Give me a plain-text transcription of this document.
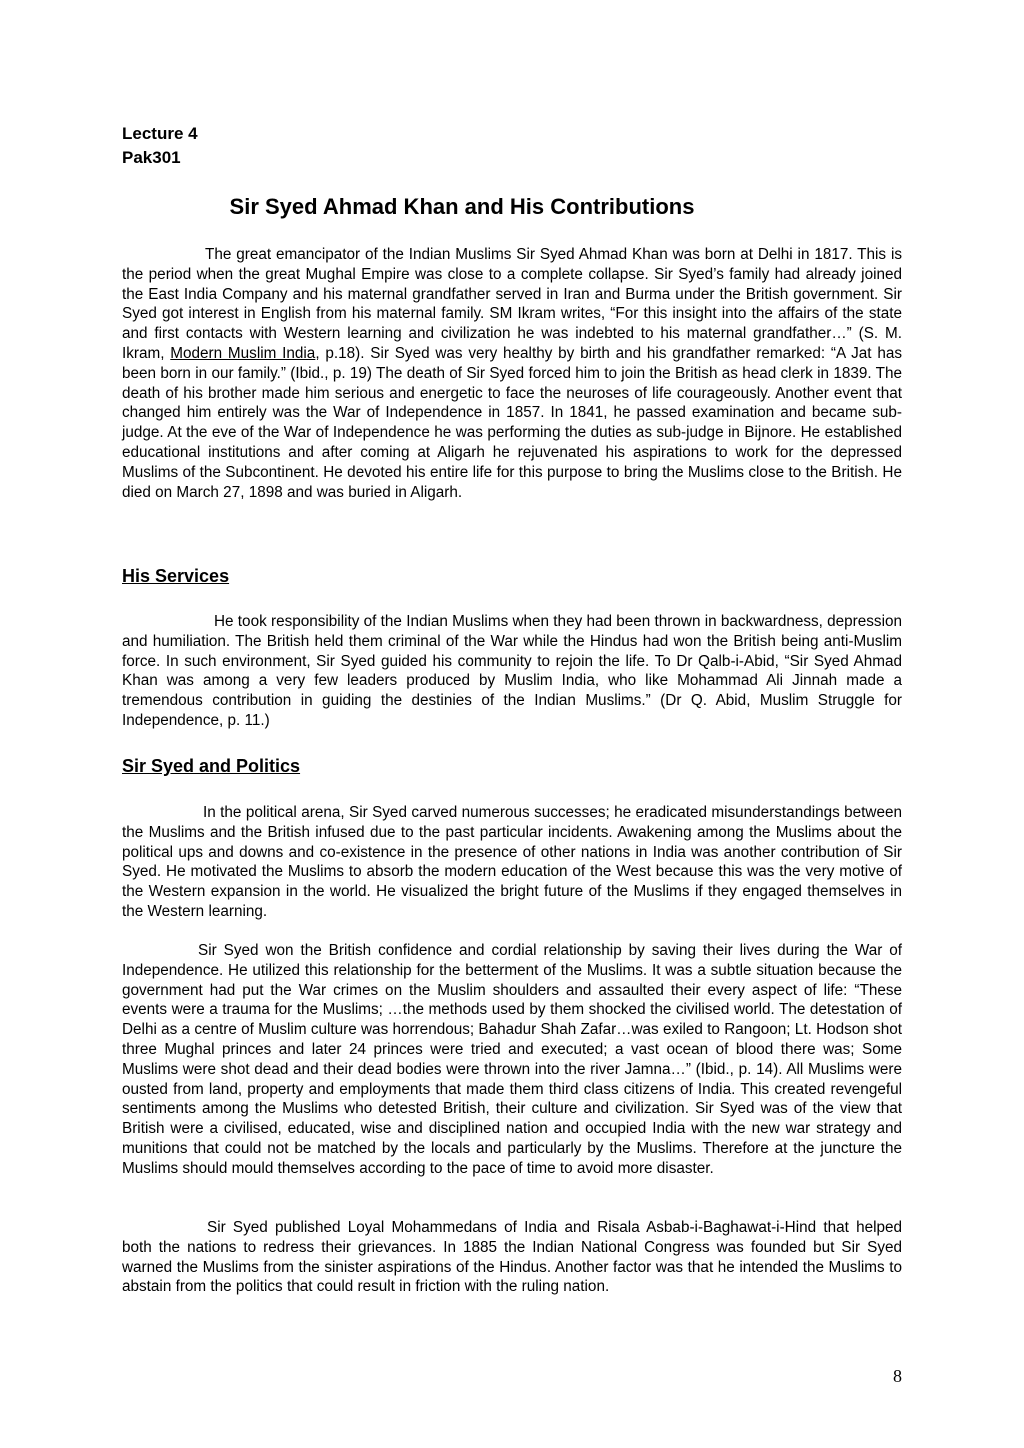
Lecture 4
Pak301
Sir Syed Ahmad Khan and His Contributions

The great emancipator of the Indian Muslims Sir Syed Ahmad Khan was born at Delhi in 1817. This is the period when the great Mughal Empire was close to a complete collapse. Sir Syed’s family had already joined the East India Company and his maternal grandfather served in Iran and Burma under the British government. Sir Syed got interest in English from his maternal family. SM Ikram writes, “For this insight into the affairs of the state and first contacts with Western learning and civilization he was indebted to his maternal grandfather…” (S. M. Ikram, Modern Muslim India, p.18). Sir Syed was very healthy by birth and his grandfather remarked: “A Jat has been born in our family.” (Ibid., p. 19) The death of Sir Syed forced him to join the British as head clerk in 1839. The death of his brother made him serious and energetic to face the neuroses of life courageously. Another event that changed him entirely was the War of Independence in 1857. In 1841, he passed examination and became sub-judge. At the eve of the War of Independence he was performing the duties as sub-judge in Bijnore. He established educational institutions and after coming at Aligarh he rejuvenated his aspirations to work for the depressed Muslims of the Subcontinent. He devoted his entire life for this purpose to bring the Muslims close to the British. He died on March 27, 1898 and was buried in Aligarh.

His Services

He took responsibility of the Indian Muslims when they had been thrown in backwardness, depression and humiliation. The British held them criminal of the War while the Hindus had won the British being anti-Muslim force. In such environment, Sir Syed guided his community to rejoin the life. To Dr Qalb-i-Abid, “Sir Syed Ahmad Khan was among a very few leaders produced by Muslim India, who like Mohammad Ali Jinnah made a tremendous contribution in guiding the destinies of the Indian Muslims.” (Dr Q. Abid, Muslim Struggle for Independence, p. 11.)

Sir Syed and Politics

In the political arena, Sir Syed carved numerous successes; he eradicated misunderstandings between the Muslims and the British infused due to the past particular incidents. Awakening among the Muslims about the political ups and downs and co-existence in the presence of other nations in India was another contribution of Sir Syed. He motivated the Muslims to absorb the modern education of the West because this was the very motive of the Western expansion in the world. He visualized the bright future of the Muslims if they engaged themselves in the Western learning.

Sir Syed won the British confidence and cordial relationship by saving their lives during the War of Independence. He utilized this relationship for the betterment of the Muslims. It was a subtle situation because the government had put the War crimes on the Muslim shoulders and assaulted their every aspect of life: “These events were a trauma for the Muslims; …the methods used by them shocked the civilised world. The detestation of Delhi as a centre of Muslim culture was horrendous; Bahadur Shah Zafar…was exiled to Rangoon; Lt. Hodson shot three Mughal princes and later 24 princes were tried and executed; a vast ocean of blood there was; Some Muslims were shot dead and their dead bodies were thrown into the river Jamna…” (Ibid., p. 14). All Muslims were ousted from land, property and employments that made them third class citizens of India. This created revengeful sentiments among the Muslims who detested British, their culture and civilization. Sir Syed was of the view that British were a civilised, educated, wise and disciplined nation and occupied India with the new war strategy and munitions that could not be matched by the locals and particularly by the Muslims. Therefore at the juncture the Muslims should mould themselves according to the pace of time to avoid more disaster.

Sir Syed published Loyal Mohammedans of India and Risala Asbab-i-Baghawat-i-Hind that helped both the nations to redress their grievances. In 1885 the Indian National Congress was founded but Sir Syed warned the Muslims from the sinister aspirations of the Hindus. Another factor was that he intended the Muslims to abstain from the politics that could result in friction with the ruling nation.

8
